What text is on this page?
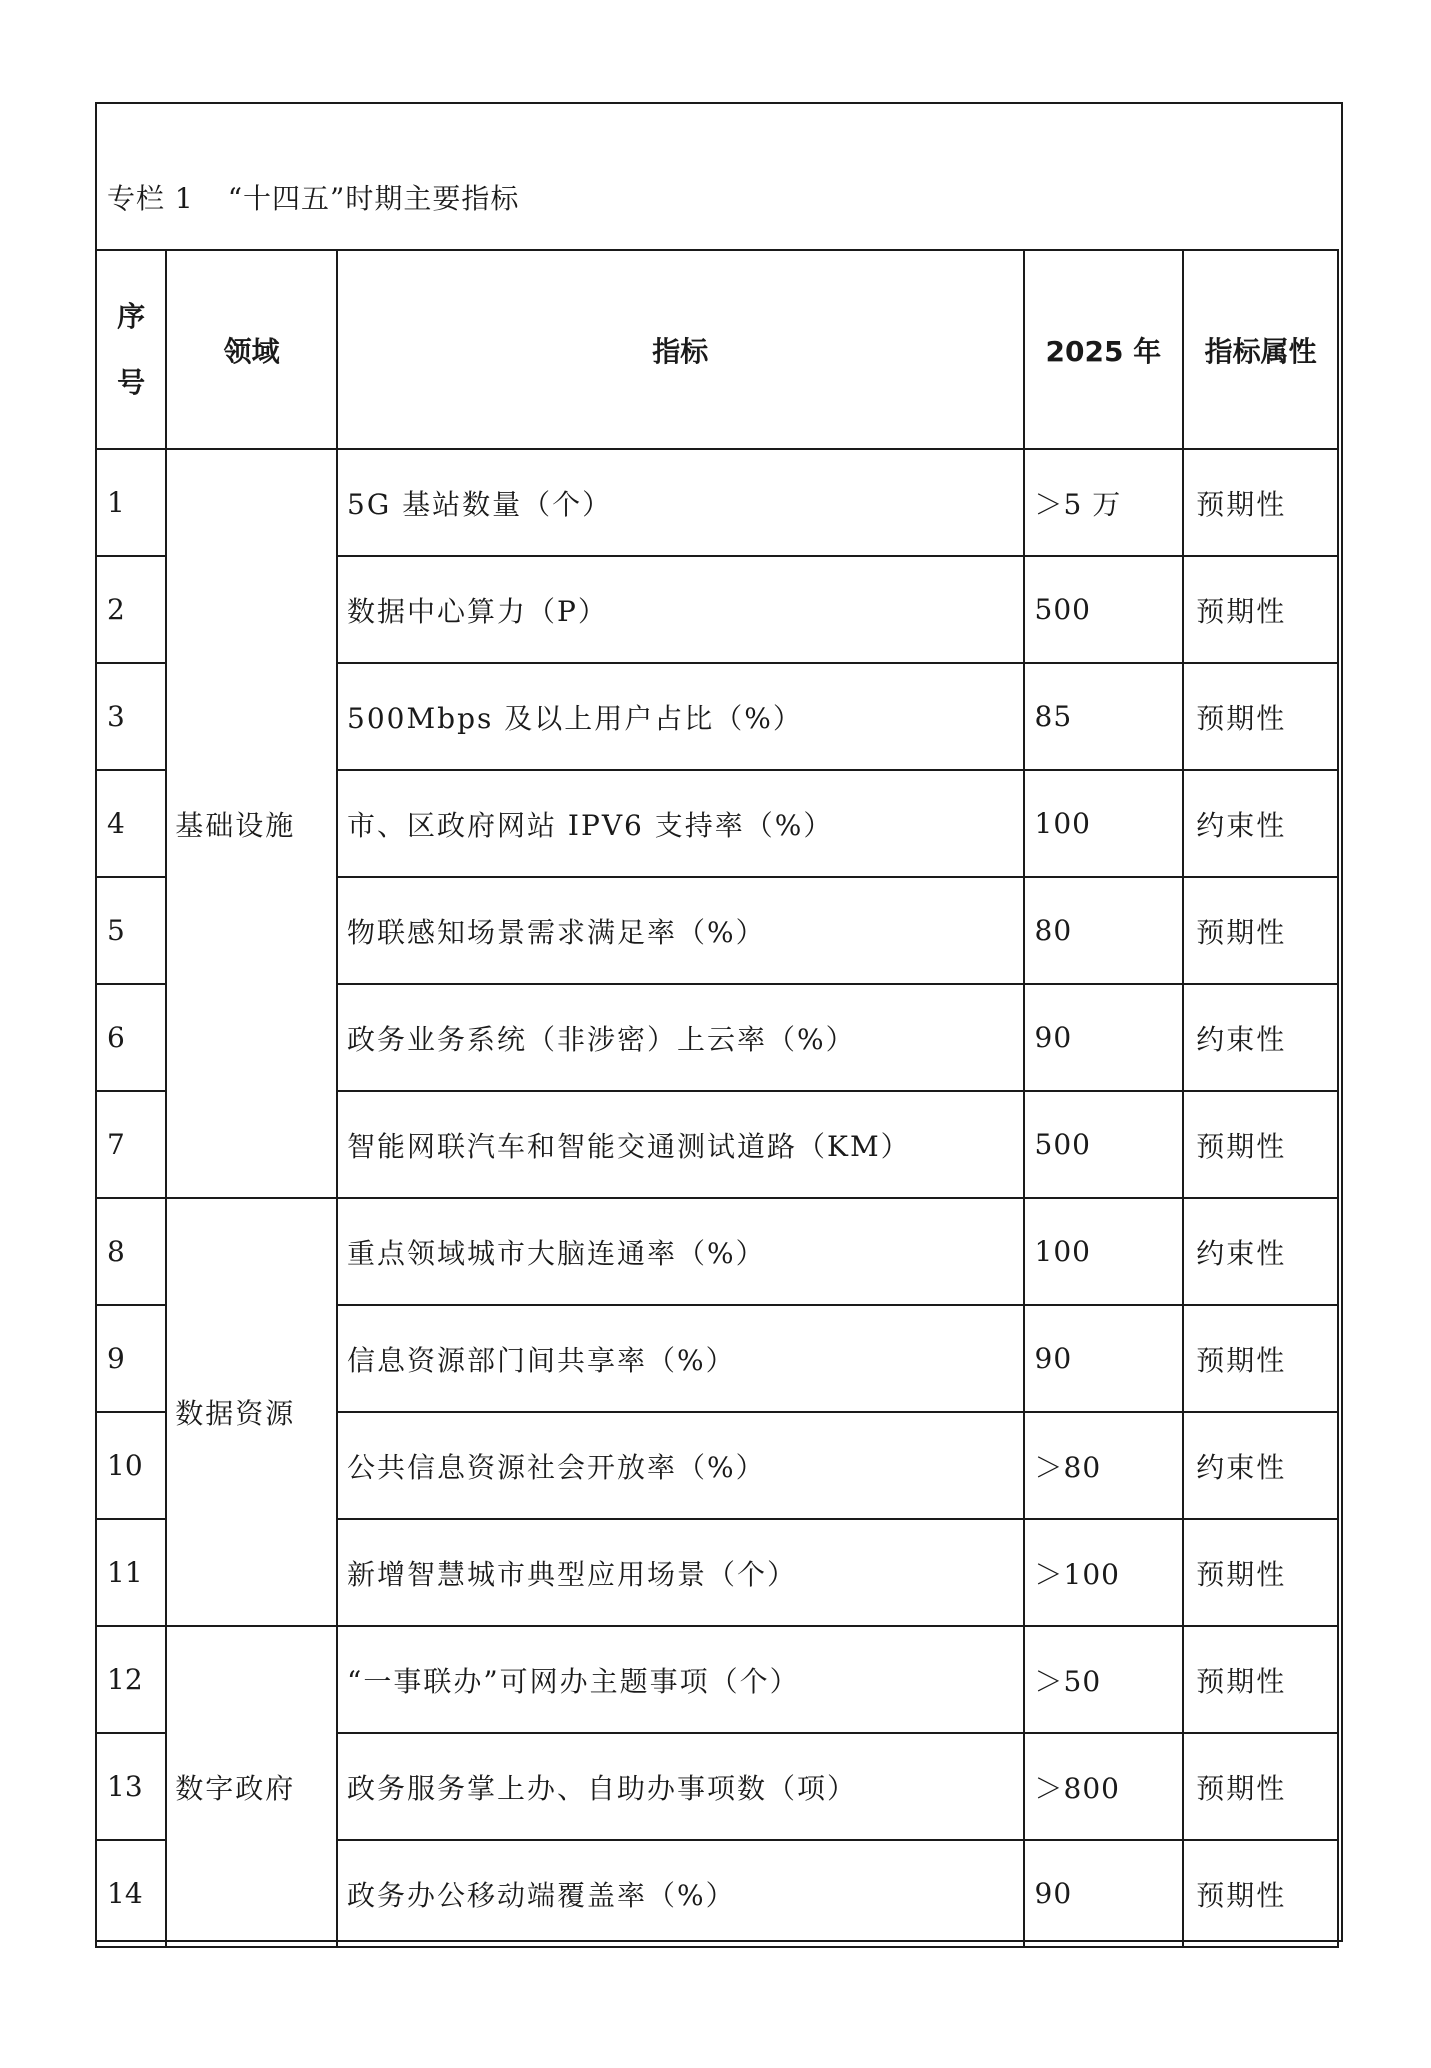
专栏 1 “十四五”时期主要指标
序
号	领域	指标	2025 年	指标属性
1	基础设施	5G 基站数量（个）	＞5 万	预期性
2		数据中心算力（P）	500	预期性
3		500Mbps 及以上用户占比（%）	85	预期性
4		市、区政府网站 IPV6 支持率（%）	100	约束性
5		物联感知场景需求满足率（%）	80	预期性
6		政务业务系统（非涉密）上云率（%）	90	约束性
7		智能网联汽车和智能交通测试道路（KM）	500	预期性
8	数据资源	重点领域城市大脑连通率（%）	100	约束性
9		信息资源部门间共享率（%）	90	预期性
10		公共信息资源社会开放率（%）	＞80	约束性
11		新增智慧城市典型应用场景（个）	＞100	预期性
12	数字政府	“一事联办”可网办主题事项（个）	＞50	预期性
13		政务服务掌上办、自助办事项数（项）	＞800	预期性
14		政务办公移动端覆盖率（%）	90	预期性
